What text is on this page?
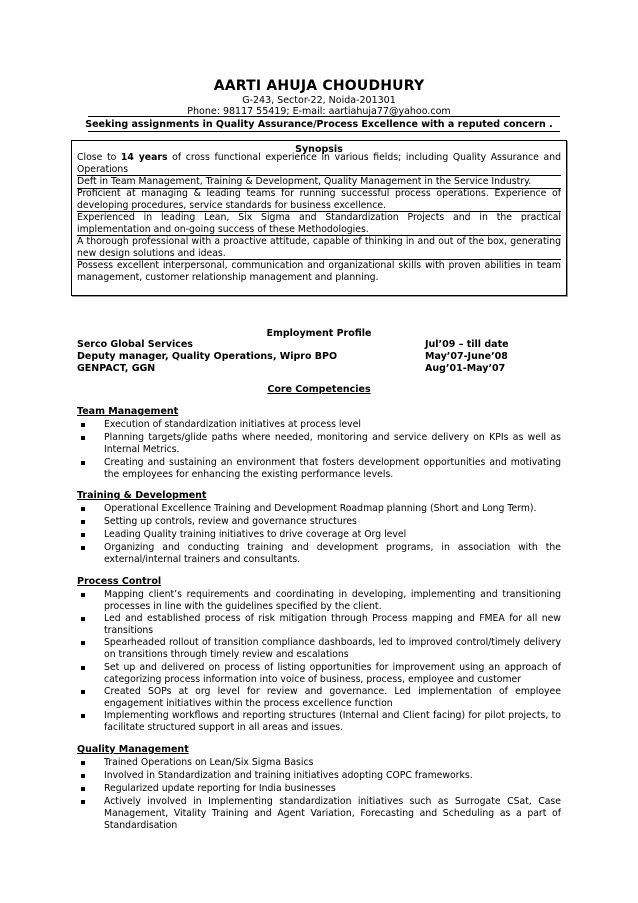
AARTI AHUJA CHOUDHURY
G-243, Sector-22, Noida-201301
Phone: 98117 55419; E-mail: aartiahuja77@yahoo.com
Seeking assignments in Quality Assurance/Process Excellence with a reputed concern .
Synopsis
Close to 14 years of cross functional experience in various fields; including Quality Assurance and Operations
Deft in Team Management, Training & Development, Quality Management in the Service Industry.
Proficient at managing & leading teams for running successful process operations. Experience of developing procedures, service standards for business excellence.
Experienced in leading Lean, Six Sigma and Standardization Projects and in the practical implementation and on-going success of these Methodologies.
A thorough professional with a proactive attitude, capable of thinking in and out of the box, generating new design solutions and ideas.
Possess excellent interpersonal, communication and organizational skills with proven abilities in team management, customer relationship management and planning.
Employment Profile
Serco Global Services	Jul’09 – till date
Deputy manager, Quality Operations, Wipro BPO	May’07-June’08
GENPACT, GGN	Aug’01-May’07
Core Competencies
Team Management
Execution of standardization initiatives at process level
Planning targets/glide paths where needed, monitoring and service delivery on KPIs as well as Internal Metrics.
Creating and sustaining an environment that fosters development opportunities and motivating the employees for enhancing the existing performance levels.
Training & Development
Operational Excellence Training and Development Roadmap planning (Short and Long Term).
Setting up controls, review and governance structures
Leading Quality training initiatives to drive coverage at Org level
Organizing and conducting training and development programs, in association with the external/internal trainers and consultants.
Process Control
Mapping client’s requirements and coordinating in developing, implementing and transitioning processes in line with the guidelines specified by the client.
Led and established process of risk mitigation through Process mapping and FMEA for all new transitions
Spearheaded rollout of transition compliance dashboards, led to improved control/timely delivery on transitions through timely review and escalations
Set up and delivered on process of listing opportunities for improvement using an approach of categorizing process information into voice of business, process, employee and customer
Created SOPs at org level for review and governance. Led implementation of employee engagement initiatives within the process excellence function
Implementing workflows and reporting structures (Internal and Client facing) for pilot projects, to facilitate structured support in all areas and issues.
Quality Management
Trained Operations on Lean/Six Sigma Basics
Involved in Standardization and training initiatives adopting COPC frameworks.
Regularized update reporting for India businesses
Actively involved in Implementing standardization initiatives such as Surrogate CSat, Case Management, Vitality Training and Agent Variation, Forecasting and Scheduling as a part of Standardisation
